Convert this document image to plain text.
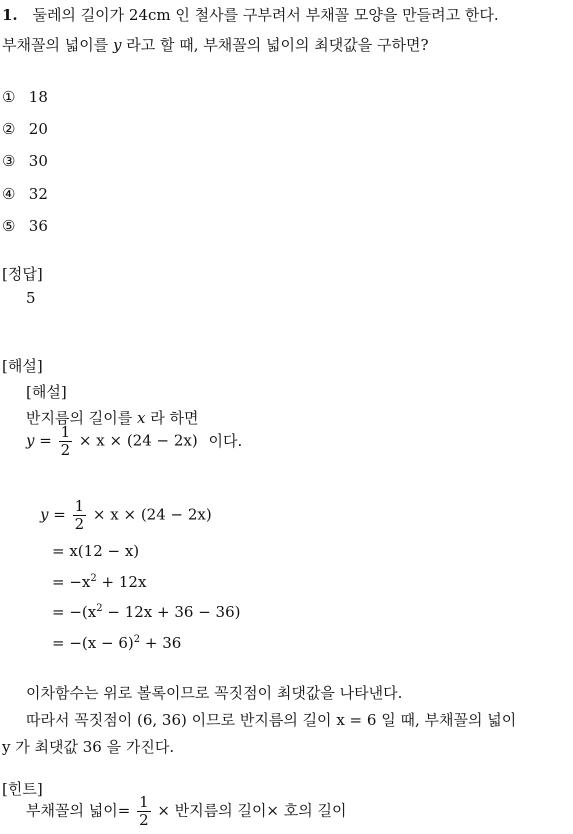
1. 둘레의 길이가 24cm 인 철사를 구부려서 부채꼴 모양을 만들려고 한다.
부채꼴의 넓이를 y 라고 할 때, 부채꼴의 넓이의 최댓값을 구하면?
① 18
② 20
③ 30
④ 32
⑤ 36
[정답]
5
[해설]
[해설]
반지름의 길이를 x 라 하면
$y = \frac{1}{2} \times x \times (24 - 2x)$ 이다.
$y = \frac{1}{2} \times x \times (24 - 2x)$
= x(12 − x)
= $-x^2 + 12x$
= $-(x^2 - 12x + 36 - 36)$
= $-(x - 6)^2 + 36$
이차함수는 위로 볼록이므로 꼭짓점이 최댓값을 나타낸다.
따라서 꼭짓점이 (6, 36) 이므로 반지름의 길이 x = 6 일 때, 부채꼴의 넓이
y 가 최댓값 36 을 가진다.
[힌트]
부채꼴의 넓이= $\frac{1}{2}$ × 반지름의 길이× 호의 길이
